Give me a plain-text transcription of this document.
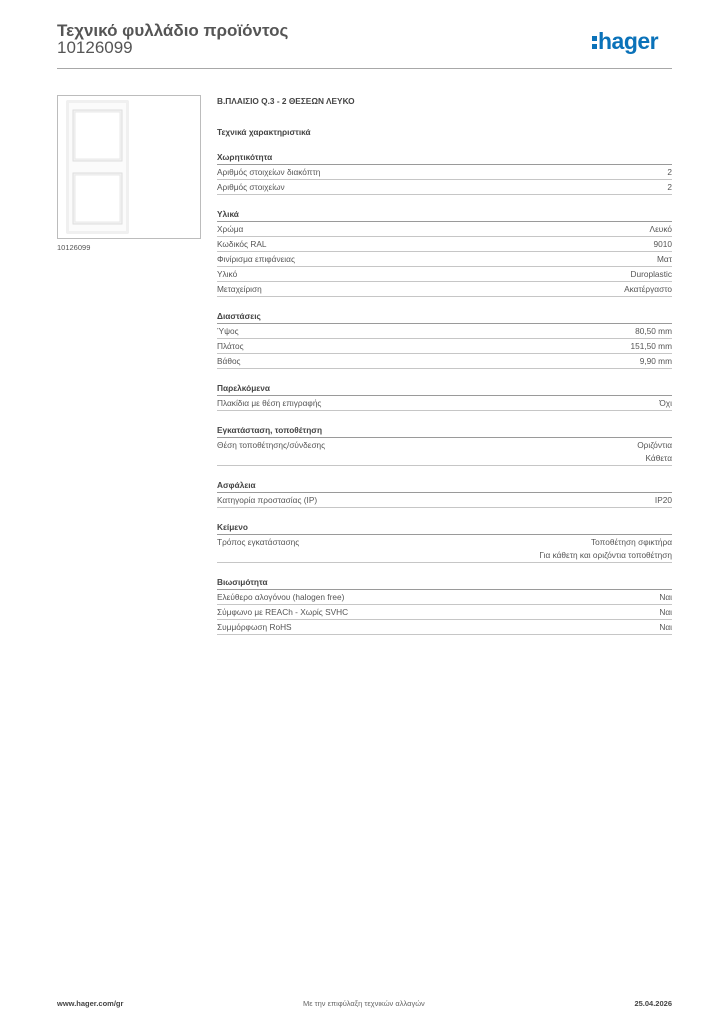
Τεχνικό φυλλάδιο προϊόντος
10126099	hager
10126099
Β.ΠΛΑΙΣΙΟ Q.3 - 2 ΘΕΣΕΩΝ ΛΕΥΚΟ
Τεχνικά χαρακτηριστικά
Χωρητικότητα
Αριθμός στοιχείων διακόπτη	2
Αριθμός στοιχείων	2
Υλικά
Χρώμα	Λευκό
Κωδικός RAL	9010
Φινίρισμα επιφάνειας	Ματ
Υλικό	Duroplastic
Μεταχείριση	Ακατέργαστο
Διαστάσεις
Ύψος	80,50 mm
Πλάτος	151,50 mm
Βάθος	9,90 mm
Παρελκόμενα
Πλακίδια με θέση επιγραφής	Όχι
Εγκατάσταση, τοποθέτηση
Θέση τοποθέτησης/σύνδεσης	Οριζόντια
Κάθετα
Ασφάλεια
Κατηγορία προστασίας (IP)	IP20
Κείμενο
Τρόπος εγκατάστασης	Τοποθέτηση σφικτήρα
Για κάθετη και οριζόντια τοποθέτηση
Βιωσιμότητα
Ελεύθερο αλογόνου (halogen free)	Ναι
Σύμφωνο με REACh - Χωρίς SVHC	Ναι
Συμμόρφωση RoHS	Ναι
www.hager.com/gr	Με την επιφύλαξη τεχνικών αλλαγών	25.04.2026
